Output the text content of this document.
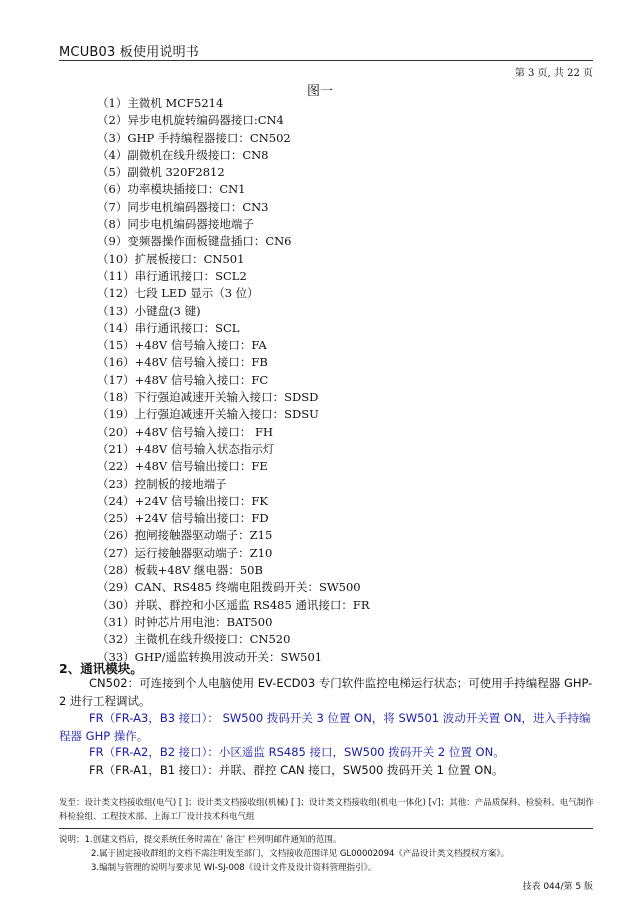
MCUB03 板使用说明书
第 3 页, 共 22 页
图一
（1）主微机 MCF5214
（2）异步电机旋转编码器接口:CN4
（3）GHP 手持编程器接口：CN502
（4）副微机在线升级接口：CN8
（5）副微机 320F2812
（6）功率模块插接口：CN1
（7）同步电机编码器接口：CN3
（8）同步电机编码器接地端子
（9）变频器操作面板键盘插口：CN6
（10）扩展板接口：CN501
（11）串行通讯接口：SCL2
（12）七段 LED 显示（3 位）
（13）小键盘(3 键)
（14）串行通讯接口：SCL
（15）+48V 信号输入接口：FA
（16）+48V 信号输入接口：FB
（17）+48V 信号输入接口：FC
（18）下行强迫减速开关输入接口：SDSD
（19）上行强迫减速开关输入接口：SDSU
（20）+48V 信号输入接口： FH
（21）+48V 信号输入状态指示灯
（22）+48V 信号输出接口：FE
（23）控制板的接地端子
（24）+24V 信号输出接口：FK
（25）+24V 信号输出接口：FD
（26）抱闸接触器驱动端子：Z15
（27）运行接触器驱动端子：Z10
（28）板载+48V 继电器：50B
（29）CAN、RS485 终端电阻拨码开关：SW500
（30）并联、群控和小区遥监 RS485 通讯接口：FR
（31）时钟芯片用电池：BAT500
（32）主微机在线升级接口：CN520
（33）GHP/遥监转换用波动开关：SW501
2、通讯模块。
CN502：可连接到个人电脑使用 EV-ECD03 专门软件监控电梯运行状态；可使用手持编程器 GHP-2 进行工程调试。
FR（FR-A3，B3 接口）： SW500 拨码开关 3 位置 ON，将 SW501 波动开关置 ON，进入手持编程器 GHP 操作。
FR（FR-A2，B2 接口）：小区遥监 RS485 接口，SW500 拨码开关 2 位置 ON。
FR（FR-A1，B1 接口）：并联、群控 CAN 接口，SW500 拨码开关 1 位置 ON。
发至：设计类文档接收组(电气) [ ]；设计类文档接收组(机械) [ ]；设计类文档接收组(机电一体化) [√]；其他：产品质保科、检验科、电气制作科检验组、工程技术部、上海工厂设计技术科电气组
说明：1.创建文档后，提交系统任务时需在’ 备注’ 栏列明邮件通知的范围。
2.属于固定接收群组的文档不需注明发至部门，文档接收范围详见 GL00002094《产品设计类文档授权方案》。
3.编制与管理的说明与要求见 WI-SJ-008《设计文件及设计资料管理指引》。
技表 044/第 5 版
